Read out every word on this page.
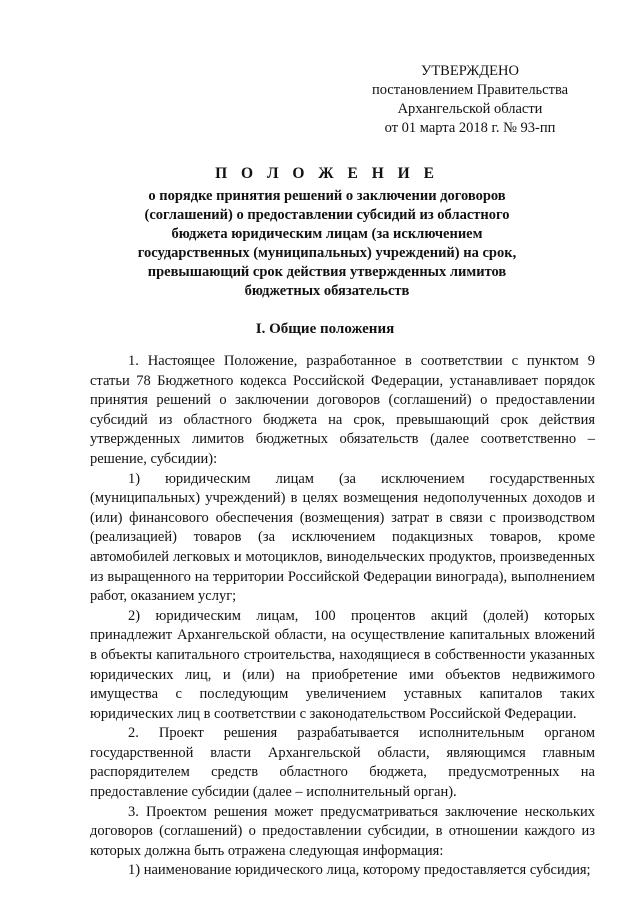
УТВЕРЖДЕНО
постановлением Правительства
Архангельской области
от 01 марта 2018 г. № 93-пп
П О Л О Ж Е Н И Е
о порядке принятия решений о заключении договоров
(соглашений) о предоставлении субсидий из областного
бюджета юридическим лицам (за исключением
государственных (муниципальных) учреждений) на срок,
превышающий срок действия утвержденных лимитов
бюджетных обязательств
I. Общие положения

1. Настоящее Положение, разработанное в соответствии с пунктом 9 статьи 78 Бюджетного кодекса Российской Федерации, устанавливает порядок принятия решений о заключении договоров (соглашений) о предоставлении субсидий из областного бюджета на срок, превышающий срок действия утвержденных лимитов бюджетных обязательств (далее соответственно – решение, субсидии):

1) юридическим лицам (за исключением государственных (муниципальных) учреждений) в целях возмещения недополученных доходов и (или) финансового обеспечения (возмещения) затрат в связи с производством (реализацией) товаров (за исключением подакцизных товаров, кроме автомобилей легковых и мотоциклов, винодельческих продуктов, произведенных из выращенного на территории Российской Федерации винограда), выполнением работ, оказанием услуг;

2) юридическим лицам, 100 процентов акций (долей) которых принадлежит Архангельской области, на осуществление капитальных вложений в объекты капитального строительства, находящиеся в собственности указанных юридических лиц, и (или) на приобретение ими объектов недвижимого имущества с последующим увеличением уставных капиталов таких юридических лиц в соответствии с законодательством Российской Федерации.

2. Проект решения разрабатывается исполнительным органом государственной власти Архангельской области, являющимся главным распорядителем средств областного бюджета, предусмотренных на предоставление субсидии (далее – исполнительный орган).

3. Проектом решения может предусматриваться заключение нескольких договоров (соглашений) о предоставлении субсидии, в отношении каждого из которых должна быть отражена следующая информация:

1) наименование юридического лица, которому предоставляется субсидия;
